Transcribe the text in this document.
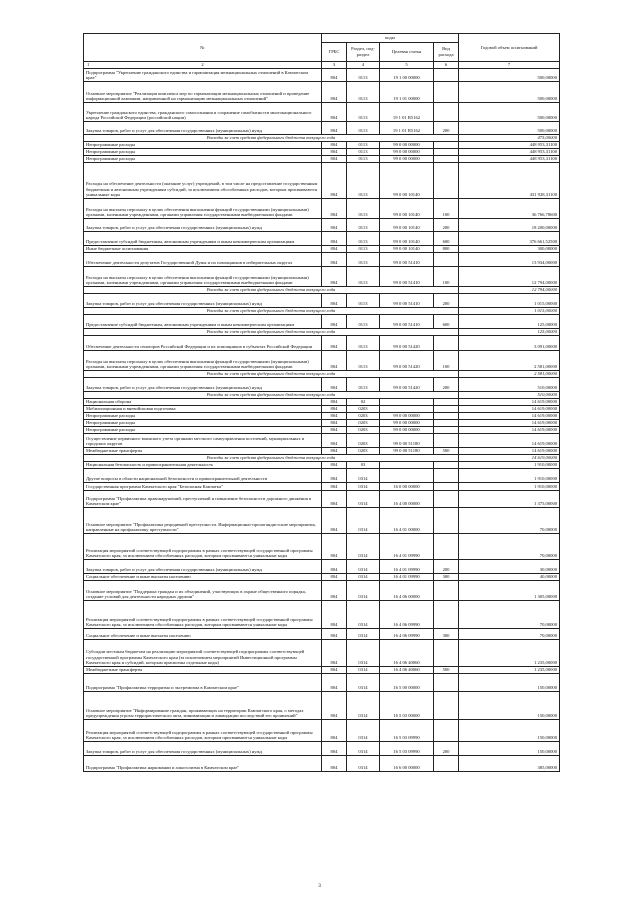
№	коды				Годовой объем ассигнований
	ГРБС	Раздел, под-раздел	Целевая статья	Вид расхода	

1 2	3	4	5	6	7
Подпрограмма "Укрепление гражданского единства и гармонизация межнациональных отношений в Камчатском крае"	804	0113	19 1 00 00000		500,00000
Основное мероприятие "Реализация комплекса мер по гармонизации межнациональных отношений и проведение информационной кампании, направленной на гармонизацию межнациональных отношений"	804	0113	19 1 01 00000		500,00000
Укрепление гражданского единства, гражданского самосознания и сохранение самобытности многонационального народа Российской Федерации (российской нации)	804	0113	19 1 01 R5162		500,00000
Закупка товаров, работ и услуг для обеспечения государственных (муниципальных) нужд	804	0113	19 1 01 R5162	200	500,00000
Расходы за счет средств федерального бюджета текущего года					475,00000
Непрограммные расходы	804	0113	99 0 00 00000		448 953,31100
Непрограммные расходы	804	0113	99 0 00 00000		448 953,31100
Непрограммные расходы	804	0113	99 0 00 00000		448 953,31100
Расходы на обеспечение деятельности (оказание услуг) учреждений, в том числе на предоставление государственным бюджетным и автономным учреждениям субсидий, за исключением обособленных расходов, которым присваиваются уникальные коды	804	0113	99 0 00 10140		431 928,31100
Расходы на выплаты персоналу в целях обеспечения выполнения функций государственными (муниципальными) органами, казенными учреждениями, органами управления государственными внебюджетными фондами	804	0113	99 0 00 10140	100	36 766,78600
Закупка товаров, работ и услуг для обеспечения государственных (муниципальных) нужд	804	0113	99 0 00 10140	200	18 200,00000
Предоставление субсидий бюджетным, автономным учреждениям и иным некоммерческим организациям	804	0113	99 0 00 10140	600	376 661,52500
Иные бюджетные ассигнования	804	0113	99 0 00 10140	800	300,00000
Обеспечение деятельности депутатов Государственной Думы и их помощников в избирательных округах	804	0113	99 0 00 51410		13 934,00000
Расходы на выплаты персоналу в целях обеспечения выполнения функций государственными (муниципальными) органами, казенными учреждениями, органами управления государственными внебюджетными фондами	804	0113	99 0 00 51410	100	12 794,00000
Расходы за счет средств федерального бюджета текущего года					12 794,00000
Закупка товаров, работ и услуг для обеспечения государственных (муниципальных) нужд	804	0113	99 0 00 51410	200	1 015,00000
Расходы за счет средств федерального бюджета текущего года					1 015,00000
Предоставление субсидий бюджетным, автономным учреждениям и иным некоммерческим организациям	804	0113	99 0 00 51410	600	125,00000
Расходы за счет средств федерального бюджета текущего года					125,00000
Обеспечение деятельности сенаторов Российской Федерации и их помощников в субъектах Российской Федерации	804	0113	99 0 00 51420		3 091,00000
Расходы на выплаты персоналу в целях обеспечения выполнения функций государственными (муниципальными) органами, казенными учреждениями, органами управления государственными внебюджетными фондами	804	0113	99 0 00 51420	100	2 581,00000
Расходы за счет средств федерального бюджета текущего года					2 581,00000
Закупка товаров, работ и услуг для обеспечения государственных (муниципальных) нужд	804	0113	99 0 00 51420	200	510,00000
Расходы за счет средств федерального бюджета текущего года					510,00000
Национальная оборона	804	02			14 619,00000
Мобилизационная и вневойсковая подготовка	804	0203			14 619,00000
Непрограммные расходы	804	0203	99 0 00 00000		14 619,00000
Непрограммные расходы	804	0203	99 0 00 00000		14 619,00000
Непрограммные расходы	804	0203	99 0 00 00000		14 619,00000
Осуществление первичного воинского учета органами местного самоуправления поселений, муниципальных и городских округов	804	0203	99 0 00 51180		14 619,00000
Межбюджетные трансферты	804	0203	99 0 00 51180	500	14 619,00000
Расходы за счет средств федерального бюджета текущего года					14 619,00000
Национальная безопасность и правоохранительная деятельность	804	03			1 910,00000
Другие вопросы в области национальной безопасности и правоохранительной деятельности	804	0314			1 910,00000
Государственная программа Камчатского края "Безопасная Камчатка"	804	0314	16 0 00 00000		1 910,00000
Подпрограмма "Профилактика правонарушений, преступлений и повышение безопасности дорожного движения в Камчатском крае"	804	0314	16 4 00 00000		1 375,00000
Основное мероприятие "Профилактика рецидивной преступности. Информационно-пропагандистские мероприятия, направленные на профилактику преступности"	804	0314	16 4 01 00000		70,00000
Реализация мероприятий соответствующей подпрограммы в рамках соответствующей государственной программы Камчатского края, за исключением обособленных расходов, которым присваиваются уникальные коды	804	0314	16 4 01 09990		70,00000
Закупка товаров, работ и услуг для обеспечения государственных (муниципальных) нужд	804	0314	16 4 01 09990	200	30,00000
Социальное обеспечение и иные выплаты населению	804	0314	16 4 01 09990	300	40,00000
Основное мероприятие "Поддержка граждан и их объединений, участвующих в охране общественного порядка, создание условий для деятельности народных дружин"	804	0314	16 4 06 00000		1 305,00000
Реализация мероприятий соответствующей подпрограммы в рамках соответствующей государственной программы Камчатского края, за исключением обособленных расходов, которым присваиваются уникальные коды	804	0314	16 4 06 09990		70,00000
Социальное обеспечение и иные выплаты населению	804	0314	16 4 06 09990	300	70,00000
Субсидии местным бюджетам на реализацию мероприятий соответствующей подпрограммы соответствующей государственной программы Камчатского края (за исключением мероприятий Инвестиционной программы Камчатского края и субсидий, которым присвоены отдельные коды)	804	0314	16 4 06 40060		1 235,00000
Межбюджетные трансферты	804	0314	16 4 06 40060	500	1 235,00000
Подпрограмма "Профилактика терроризма и экстремизма в Камчатском крае"	804	0314	16 5 00 00000		150,00000
Основное мероприятие "Информирование граждан, проживающих на территории Камчатского края, о методах предупреждения угрозы террористического акта, минимизации и ликвидации последствий его проявлений"	804	0314	16 5 03 00000		150,00000
Реализация мероприятий соответствующей подпрограммы в рамках соответствующей государственной программы Камчатского края, за исключением обособленных расходов, которым присваиваются уникальные коды	804	0314	16 5 03 09990		150,00000
Закупка товаров, работ и услуг для обеспечения государственных (муниципальных) нужд	804	0314	16 5 03 09990	200	150,00000
Подпрограмма "Профилактика наркомании и алкоголизма в Камчатском крае"	804	0314	16 6 00 00000		385,00000
3
